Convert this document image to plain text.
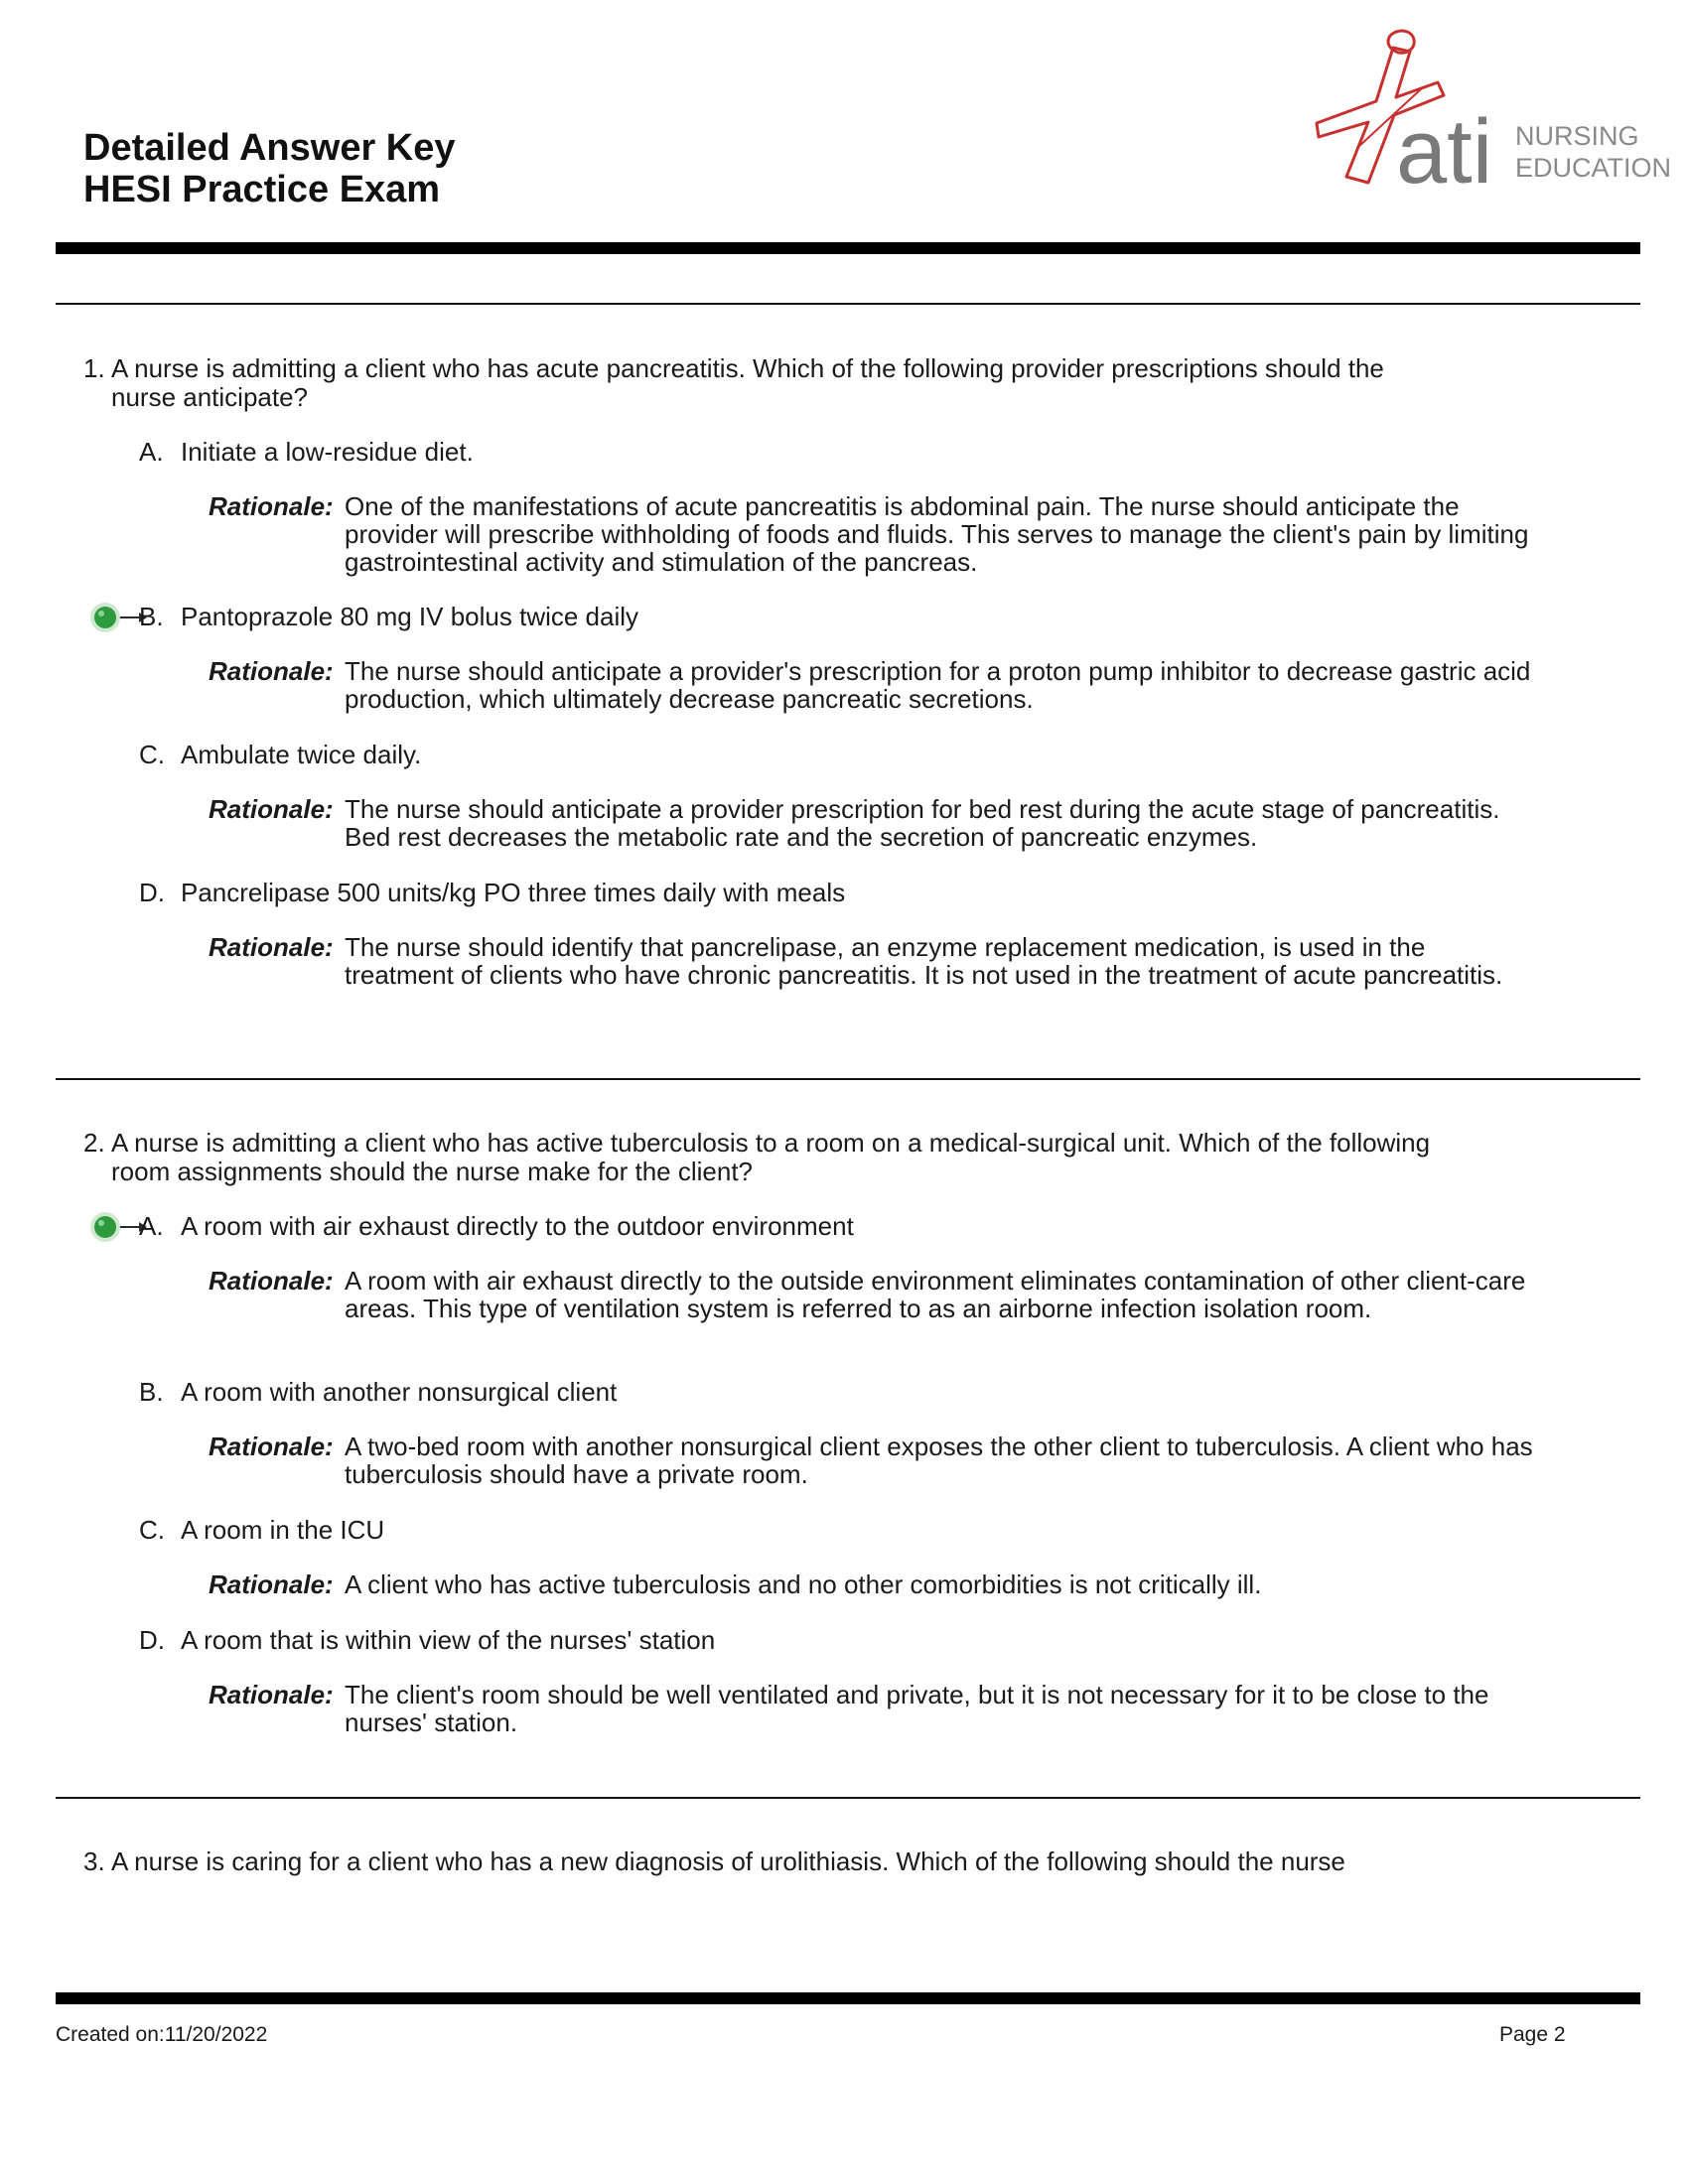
Detailed Answer Key
HESI Practice Exam	ati NURSING
EDUCATION
1. A nurse is admitting a client who has acute pancreatitis. Which of the following provider prescriptions should the
nurse anticipate?
A. Initiate a low-residue diet.
Rationale: One of the manifestations of acute pancreatitis is abdominal pain. The nurse should anticipate the provider will prescribe withholding of foods and fluids. This serves to manage the client's pain by limiting gastrointestinal activity and stimulation of the pancreas.
B. Pantoprazole 80 mg IV bolus twice daily
Rationale: The nurse should anticipate a provider's prescription for a proton pump inhibitor to decrease gastric acid production, which ultimately decrease pancreatic secretions.
C. Ambulate twice daily.
Rationale: The nurse should anticipate a provider prescription for bed rest during the acute stage of pancreatitis. Bed rest decreases the metabolic rate and the secretion of pancreatic enzymes.
D. Pancrelipase 500 units/kg PO three times daily with meals
Rationale: The nurse should identify that pancrelipase, an enzyme replacement medication, is used in the treatment of clients who have chronic pancreatitis. It is not used in the treatment of acute pancreatitis.
2. A nurse is admitting a client who has active tuberculosis to a room on a medical-surgical unit. Which of the following
room assignments should the nurse make for the client?
A. A room with air exhaust directly to the outdoor environment
Rationale: A room with air exhaust directly to the outside environment eliminates contamination of other client-care areas. This type of ventilation system is referred to as an airborne infection isolation room.
B. A room with another nonsurgical client
Rationale: A two-bed room with another nonsurgical client exposes the other client to tuberculosis. A client who has tuberculosis should have a private room.
C. A room in the ICU
Rationale: A client who has active tuberculosis and no other comorbidities is not critically ill.
D. A room that is within view of the nurses' station
Rationale: The client's room should be well ventilated and private, but it is not necessary for it to be close to the nurses' station.
3. A nurse is caring for a client who has a new diagnosis of urolithiasis. Which of the following should the nurse
Created on:11/20/2022	Page 2
